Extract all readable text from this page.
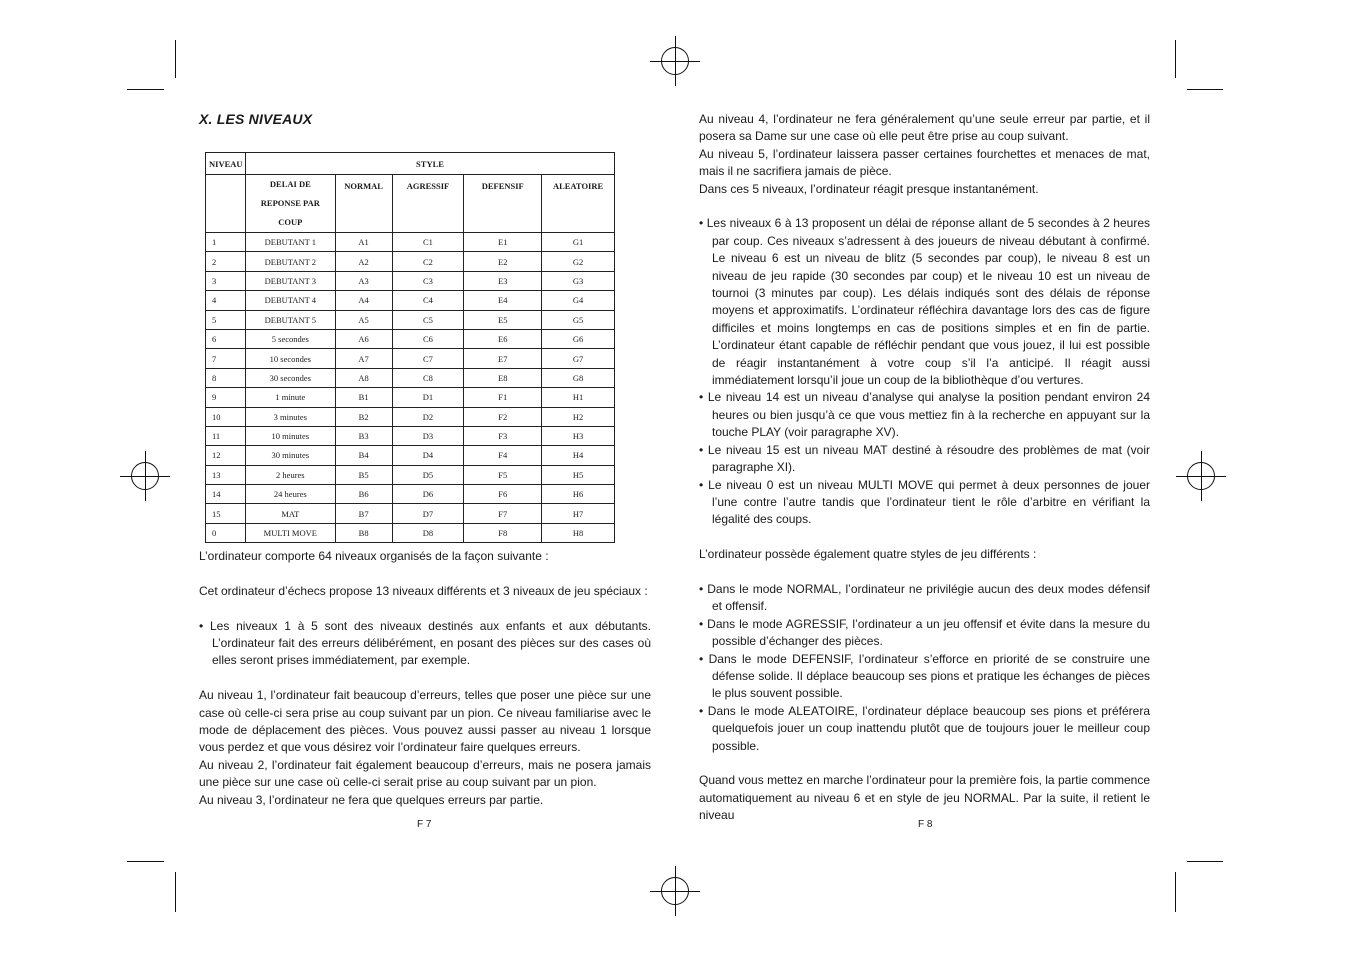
X. LES NIVEAUX
NIVEAU	STYLE				
	DELAI DE REPONSE PAR COUP	NORMAL	AGRESSIF	DEFENSIF	ALEATOIRE
1	DEBUTANT 1	A1	C1	E1	G1
2	DEBUTANT 2	A2	C2	E2	G2
3	DEBUTANT 3	A3	C3	E3	G3
4	DEBUTANT 4	A4	C4	E4	G4
5	DEBUTANT 5	A5	C5	E5	G5
6	5 secondes	A6	C6	E6	G6
7	10 secondes	A7	C7	E7	G7
8	30 secondes	A8	C8	E8	G8
9	1 minute	B1	D1	F1	H1
10	3 minutes	B2	D2	F2	H2
11	10 minutes	B3	D3	F3	H3
12	30 minutes	B4	D4	F4	H4
13	2 heures	B5	D5	F5	H5
14	24 heures	B6	D6	F6	H6
15	MAT	B7	D7	F7	H7
0	MULTI MOVE	B8	D8	F8	H8

L’ordinateur comporte 64 niveaux organisés de la façon suivante :

Cet ordinateur d’échecs propose 13 niveaux différents et 3 niveaux de jeu spéciaux :

• Les niveaux 1 à 5 sont des niveaux destinés aux enfants et aux débutants. L’ordinateur fait des erreurs délibérément, en posant des pièces sur des cases où elles seront prises immédiatement, par exemple.

Au niveau 1, l’ordinateur fait beaucoup d’erreurs, telles que poser une pièce sur une case où celle-ci sera prise au coup suivant par un pion. Ce niveau familiarise avec le mode de déplacement des pièces. Vous pouvez aussi passer au niveau 1 lorsque vous perdez et que vous désirez voir l’ordinateur faire quelques erreurs.

Au niveau 2, l’ordinateur fait également beaucoup d’erreurs, mais ne posera jamais une pièce sur une case où celle-ci serait prise au coup suivant par un pion.

Au niveau 3, l’ordinateur ne fera que quelques erreurs par partie.

F 7

Au niveau 4, l’ordinateur ne fera généralement qu’une seule erreur par partie, et il posera sa Dame sur une case où elle peut être prise au coup suivant.

Au niveau 5, l’ordinateur laissera passer certaines fourchettes et menaces de mat, mais il ne sacrifiera jamais de pièce.

Dans ces 5 niveaux, l’ordinateur réagit presque instantanément.

• Les niveaux 6 à 13 proposent un délai de réponse allant de 5 secondes à 2 heures par coup. Ces niveaux s’adressent à des joueurs de niveau débutant à confirmé. Le niveau 6 est un niveau de blitz (5 secondes par coup), le niveau 8 est un niveau de jeu rapide (30 secondes par coup) et le niveau 10 est un niveau de tournoi (3 minutes par coup). Les délais indiqués sont des délais de réponse moyens et approximatifs. L’ordinateur réfléchira davantage lors des cas de figure difficiles et moins longtemps en cas de positions simples et en fin de partie. L’ordinateur étant capable de réfléchir pendant que vous jouez, il lui est possible de réagir instantanément à votre coup s’il l’a anticipé. Il réagit aussi immédiatement lorsqu’il joue un coup de la bibliothèque d’ou vertures.

• Le niveau 14 est un niveau d’analyse qui analyse la position pendant environ 24 heures ou bien jusqu’à ce que vous mettiez fin à la recherche en appuyant sur la touche PLAY (voir paragraphe XV).

• Le niveau 15 est un niveau MAT destiné à résoudre des problèmes de mat (voir paragraphe XI).

• Le niveau 0 est un niveau MULTI MOVE qui permet à deux personnes de jouer l’une contre l’autre tandis que l’ordinateur tient le rôle d’arbitre en vérifiant la légalité des coups.

L’ordinateur possède également quatre styles de jeu différents :

• Dans le mode NORMAL, l’ordinateur ne privilégie aucun des deux modes défensif et offensif.

• Dans le mode AGRESSIF, l’ordinateur a un jeu offensif et évite dans la mesure du possible d’échanger des pièces.

• Dans le mode DEFENSIF, l’ordinateur s’efforce en priorité de se construire une défense solide. Il déplace beaucoup ses pions et pratique les échanges de pièces le plus souvent possible.

• Dans le mode ALEATOIRE, l’ordinateur déplace beaucoup ses pions et préférera quelquefois jouer un coup inattendu plutôt que de toujours jouer le meilleur coup possible.

Quand vous mettez en marche l’ordinateur pour la première fois, la partie commence automatiquement au niveau 6 et en style de jeu NORMAL. Par la suite, il retient le niveau

F 8
